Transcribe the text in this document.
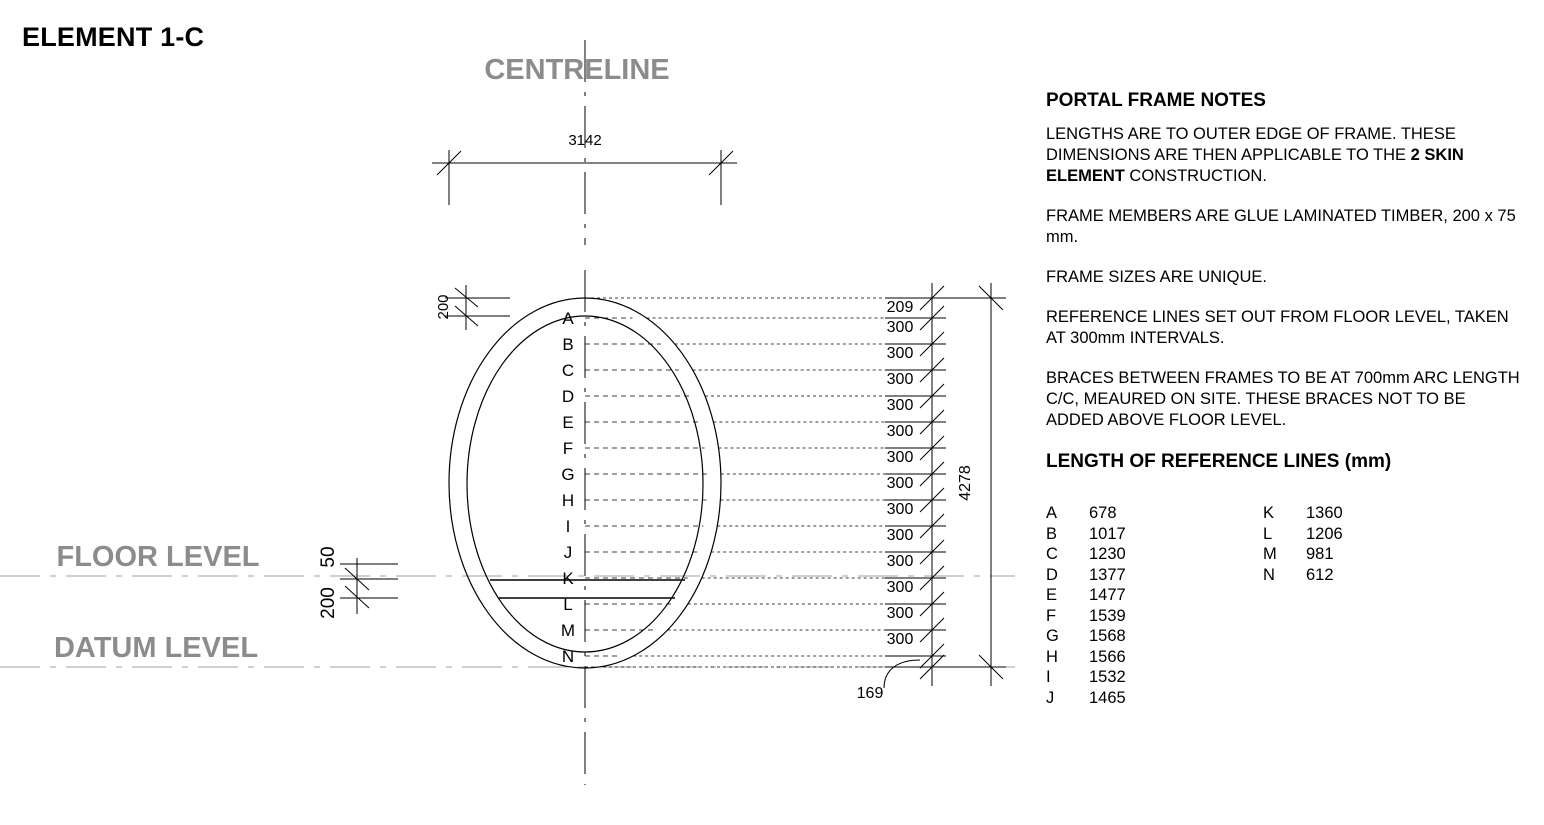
ELEMENT 1-C
CENTRELINE
FLOOR LEVEL
DATUM LEVEL
3142
200
50
200
209
300
300
300
300
300
300
300
300
300
300
300
300
300
4278
A
B
C
D
E
F
G
H
I
J
K
L
M
N
169
PORTAL FRAME NOTES

LENGTHS ARE TO OUTER EDGE OF FRAME. THESE DIMENSIONS ARE THEN APPLICABLE TO THE 2 SKIN ELEMENT CONSTRUCTION.

FRAME MEMBERS ARE GLUE LAMINATED TIMBER, 200 x 75 mm.

FRAME SIZES ARE UNIQUE.

REFERENCE LINES SET OUT FROM FLOOR LEVEL, TAKEN AT 300mm INTERVALS.

BRACES BETWEEN FRAMES TO BE AT 700mm ARC LENGTH C/C, MEAURED ON SITE. THESE BRACES NOT TO BE ADDED ABOVE FLOOR LEVEL.

LENGTH OF REFERENCE LINES (mm)

A 678
B 1017
C 1230
D 1377
E 1477
F 1539
G 1568
H 1566
I 1532
J 1465
K 1360
L 1206
M 981
N 612
